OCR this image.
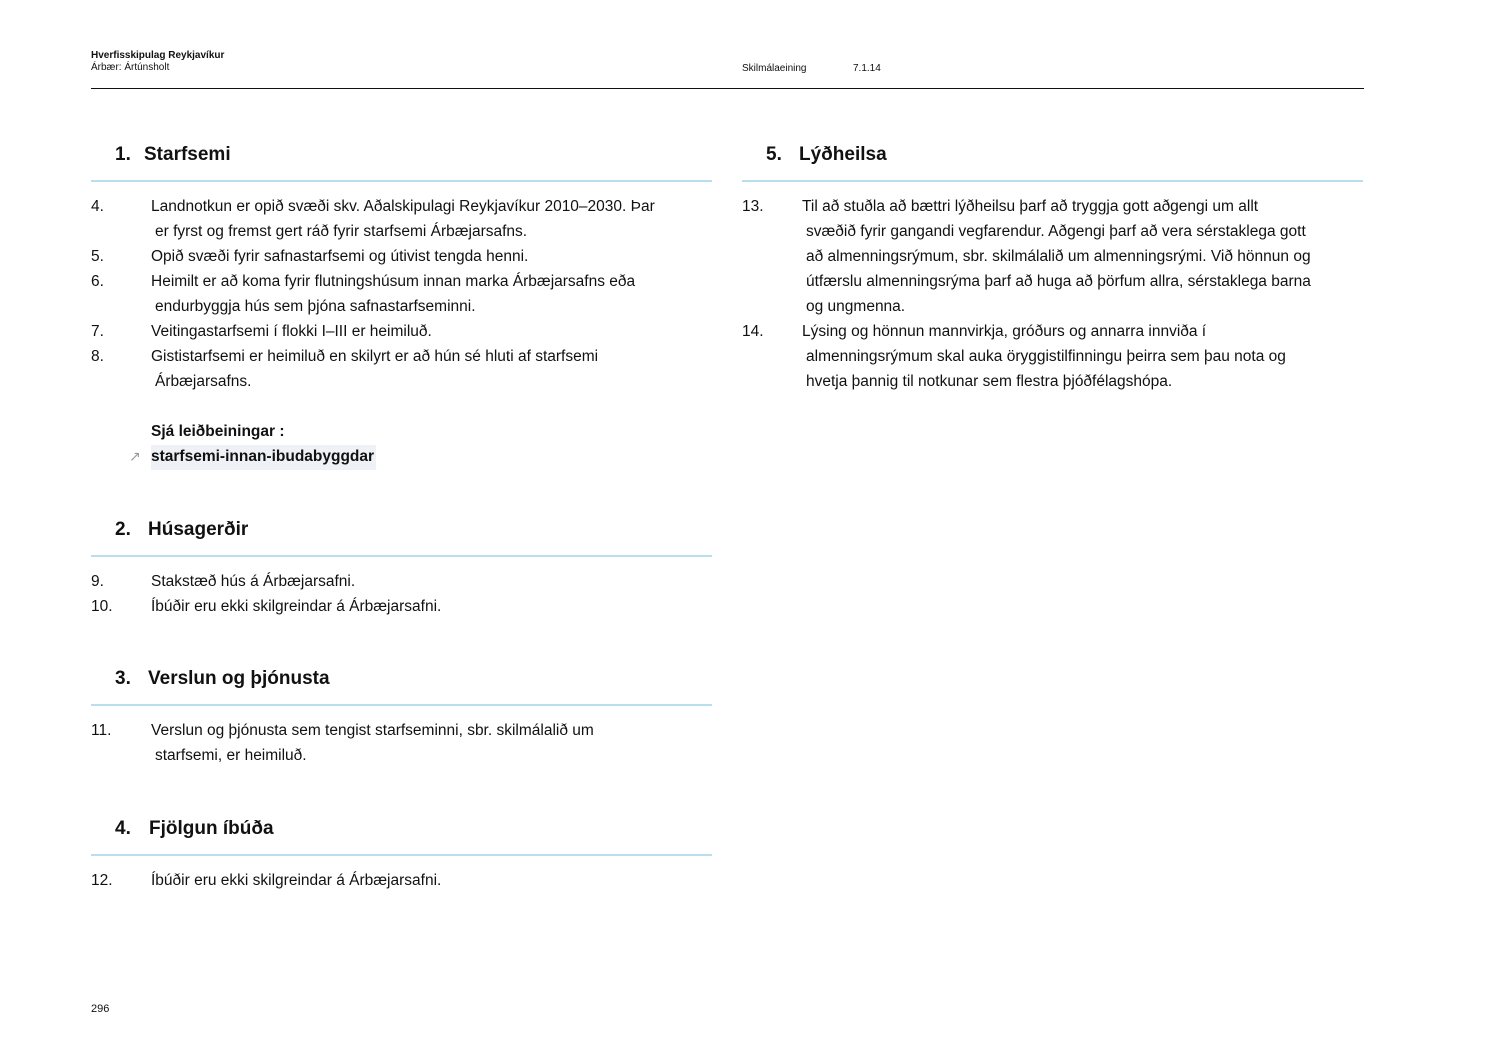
Hverfisskipulag Reykjavíkur
Árbær: Ártúnsholt	Skilmálaeining	7.1.14
1. Starfsemi
4.	Landnotkun er opið svæði skv. Aðalskipulagi Reykjavíkur 2010–2030. Þar
er fyrst og fremst gert ráð fyrir starfsemi Árbæjarsafns.
5.	Opið svæði fyrir safnastarfsemi og útivist tengda henni.
6.	Heimilt er að koma fyrir flutningshúsum innan marka Árbæjarsafns eða
endurbyggja hús sem þjóna safnastarfseminni.
7.	Veitingastarfsemi í flokki I–III er heimiluð.
8.	Gististarfsemi er heimiluð en skilyrt er að hún sé hluti af starfsemi
Árbæjarsafns.
Sjá leiðbeiningar :
↗ starfsemi-innan-ibudabyggdar
2. Húsagerðir
9.	Stakstæð hús á Árbæjarsafni.
10. Íbúðir eru ekki skilgreindar á Árbæjarsafni.
3. Verslun og þjónusta
11.	Verslun og þjónusta sem tengist starfseminni, sbr. skilmálalið um
starfsemi, er heimiluð.
4. Fjölgun íbúða
12. Íbúðir eru ekki skilgreindar á Árbæjarsafni.
5. Lýðheilsa
13. Til að stuðla að bættri lýðheilsu þarf að tryggja gott aðgengi um allt
svæðið fyrir gangandi vegfarendur. Aðgengi þarf að vera sérstaklega gott
að almenningsrýmum, sbr. skilmálalið um almenningsrými. Við hönnun og
útfærslu almenningsrýma þarf að huga að þörfum allra, sérstaklega barna
og ungmenna.
14. Lýsing og hönnun mannvirkja, gróðurs og annarra innviða í
almenningsrýmum skal auka öryggistilfinningu þeirra sem þau nota og
hvetja þannig til notkunar sem flestra þjóðfélagshópa.
296
